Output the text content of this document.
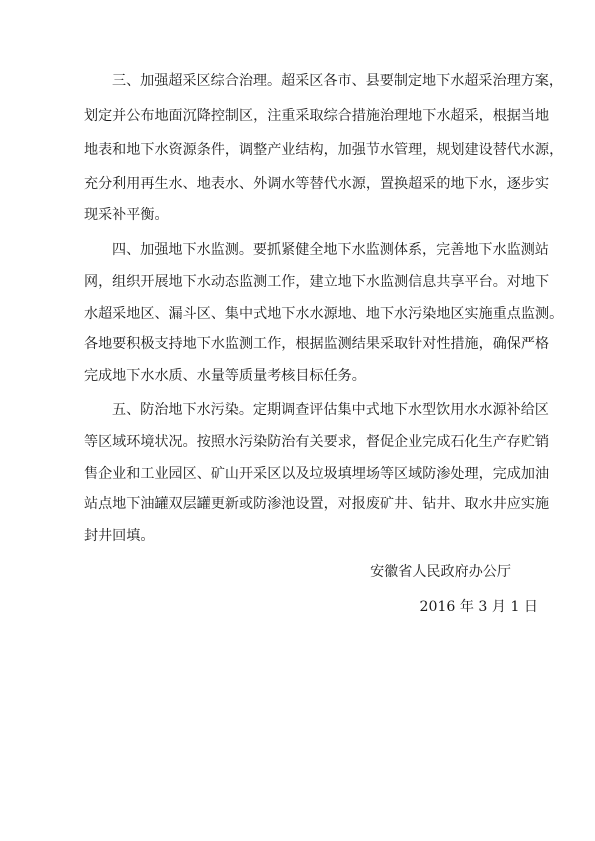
三、加强超采区综合治理。超采区各市、县要制定地下水超采治理方案，
划定并公布地面沉降控制区，注重采取综合措施治理地下水超采，根据当地
地表和地下水资源条件，调整产业结构，加强节水管理，规划建设替代水源，
充分利用再生水、地表水、外调水等替代水源，置换超采的地下水，逐步实
现采补平衡。
四、加强地下水监测。要抓紧健全地下水监测体系，完善地下水监测站
网，组织开展地下水动态监测工作，建立地下水监测信息共享平台。对地下
水超采地区、漏斗区、集中式地下水水源地、地下水污染地区实施重点监测。
各地要积极支持地下水监测工作，根据监测结果采取针对性措施，确保严格
完成地下水水质、水量等质量考核目标任务。
五、防治地下水污染。定期调查评估集中式地下水型饮用水水源补给区
等区域环境状况。按照水污染防治有关要求，督促企业完成石化生产存贮销
售企业和工业园区、矿山开采区以及垃圾填埋场等区域防渗处理，完成加油
站点地下油罐双层罐更新或防渗池设置，对报废矿井、钻井、取水井应实施
封井回填。
安徽省人民政府办公厅
2016 年 3 月 1 日
